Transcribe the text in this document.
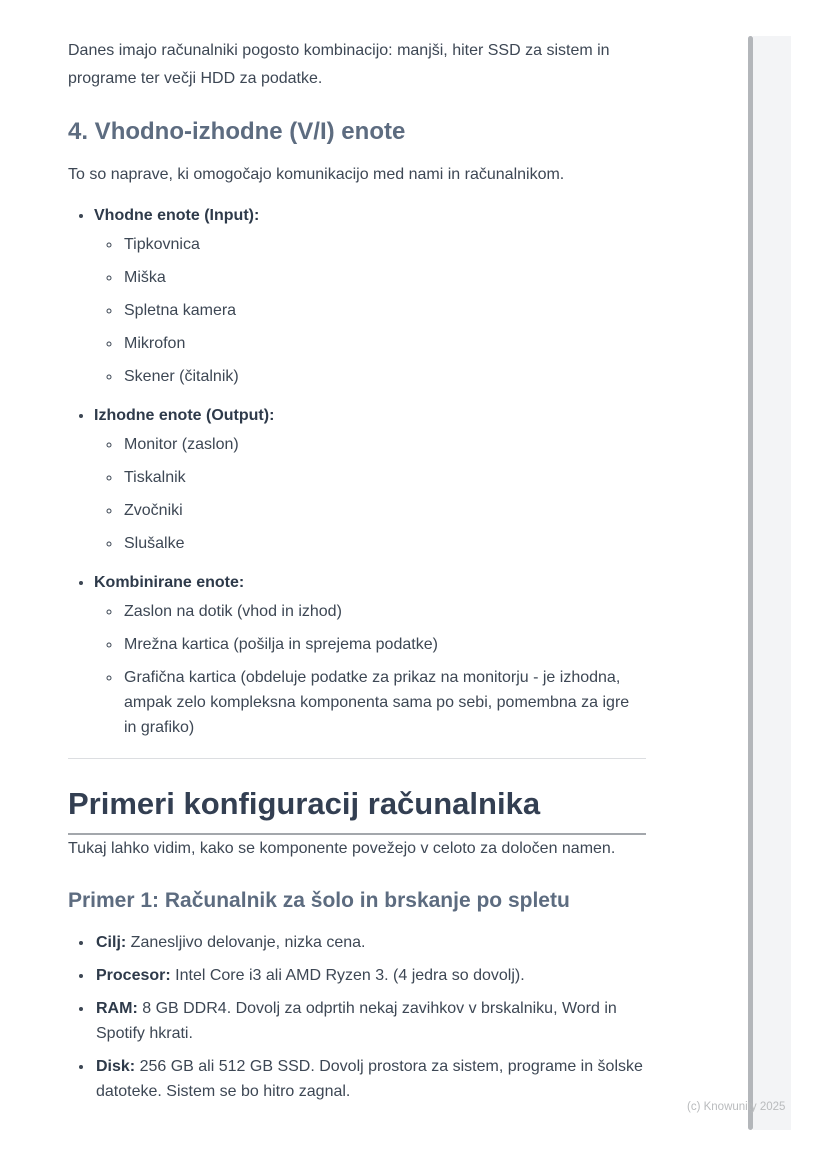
Danes imajo računalniki pogosto kombinacijo: manjši, hiter SSD za sistem in programe ter večji HDD za podatke.

4. Vhodno-izhodne (V/I) enote

To so naprave, ki omogočajo komunikacijo med nami in računalnikom.

• Vhodne enote (Input):
◦ Tipkovnica
◦ Miška
◦ Spletna kamera
◦ Mikrofon
◦ Skener (čitalnik)
• Izhodne enote (Output):
◦ Monitor (zaslon)
◦ Tiskalnik
◦ Zvočniki
◦ Slušalke
• Kombinirane enote:
◦ Zaslon na dotik (vhod in izhod)
◦ Mrežna kartica (pošilja in sprejema podatke)
◦ Grafična kartica (obdeluje podatke za prikaz na monitorju - je izhodna, ampak zelo kompleksna komponenta sama po sebi, pomembna za igre in grafiko)
Primeri konfiguracij računalnika

Tukaj lahko vidim, kako se komponente povežejo v celoto za določen namen.

Primer 1: Računalnik za šolo in brskanje po spletu
• Cilj: Zanesljivo delovanje, nizka cena.
• Procesor: Intel Core i3 ali AMD Ryzen 3. (4 jedra so dovolj).
• RAM: 8 GB DDR4. Dovolj za odprtih nekaj zavihkov v brskalniku, Word in Spotify hkrati.
• Disk: 256 GB ali 512 GB SSD. Dovolj prostora za sistem, programe in šolske datoteke. Sistem se bo hitro zagnal.
(c) Knowunity 2025
